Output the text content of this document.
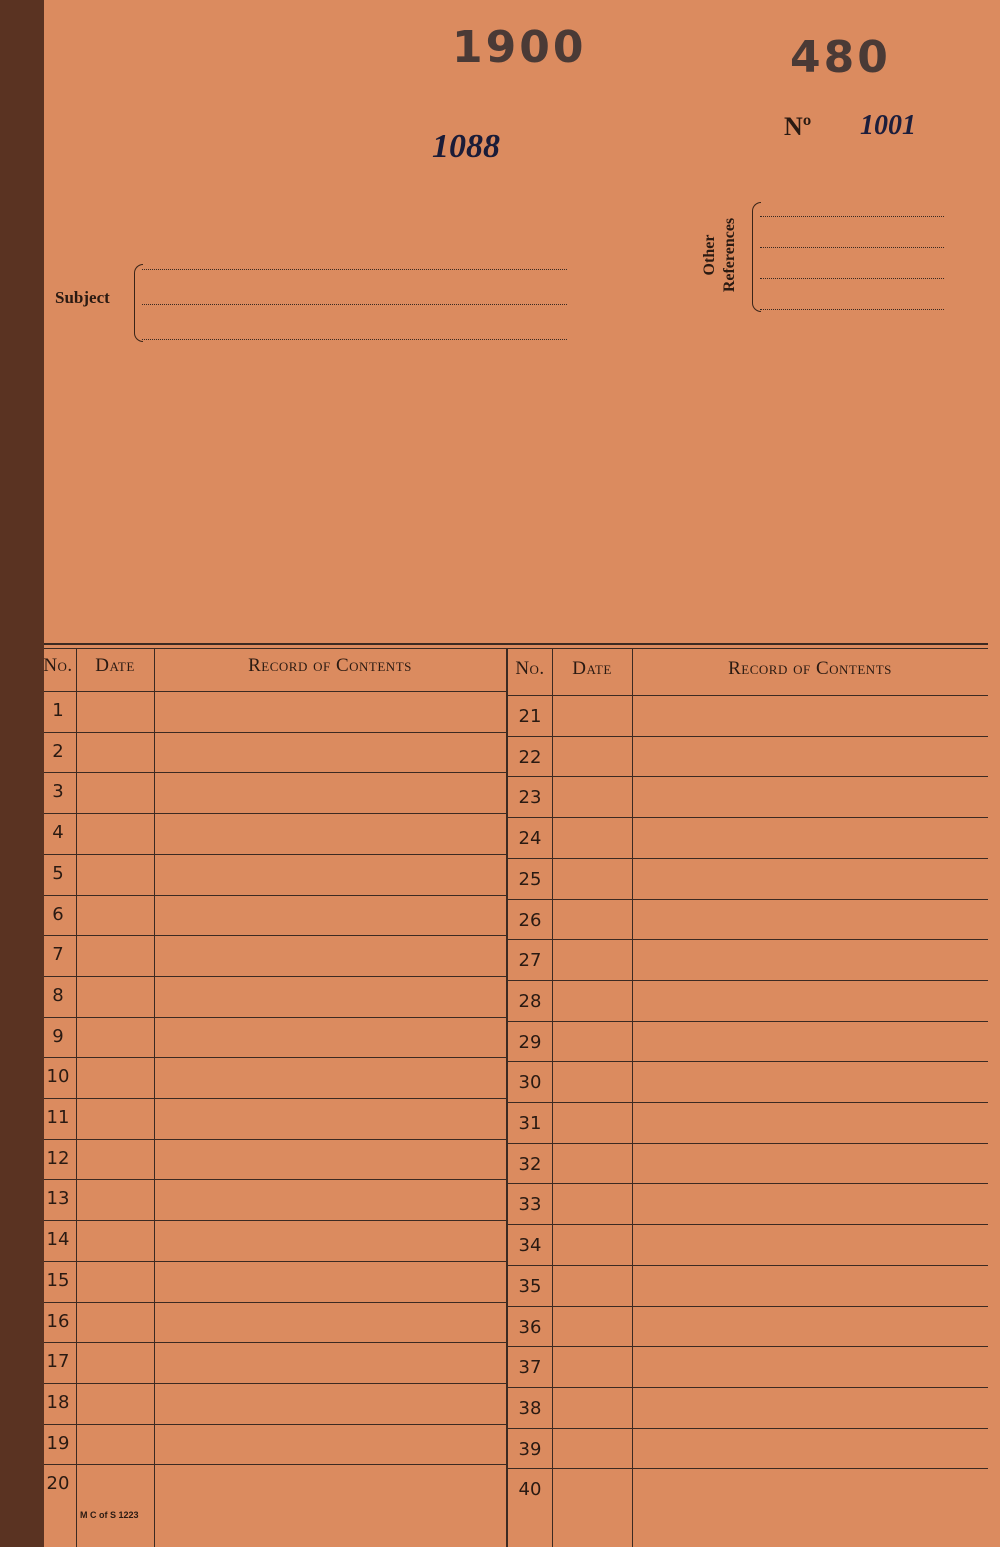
1900	480
Nº 1001
1088
Subject
Other References
No.	Date	Record of Contents	No.	Date	Record of Contents
1
2
3
4
5
6
7
8
9
10
11
12
13
14
15
16
17
18
19
20
21
22
23
24
25
26
27
28
29
30
31
32
33
34
35
36
37
38
39
40
M C of S 1223
